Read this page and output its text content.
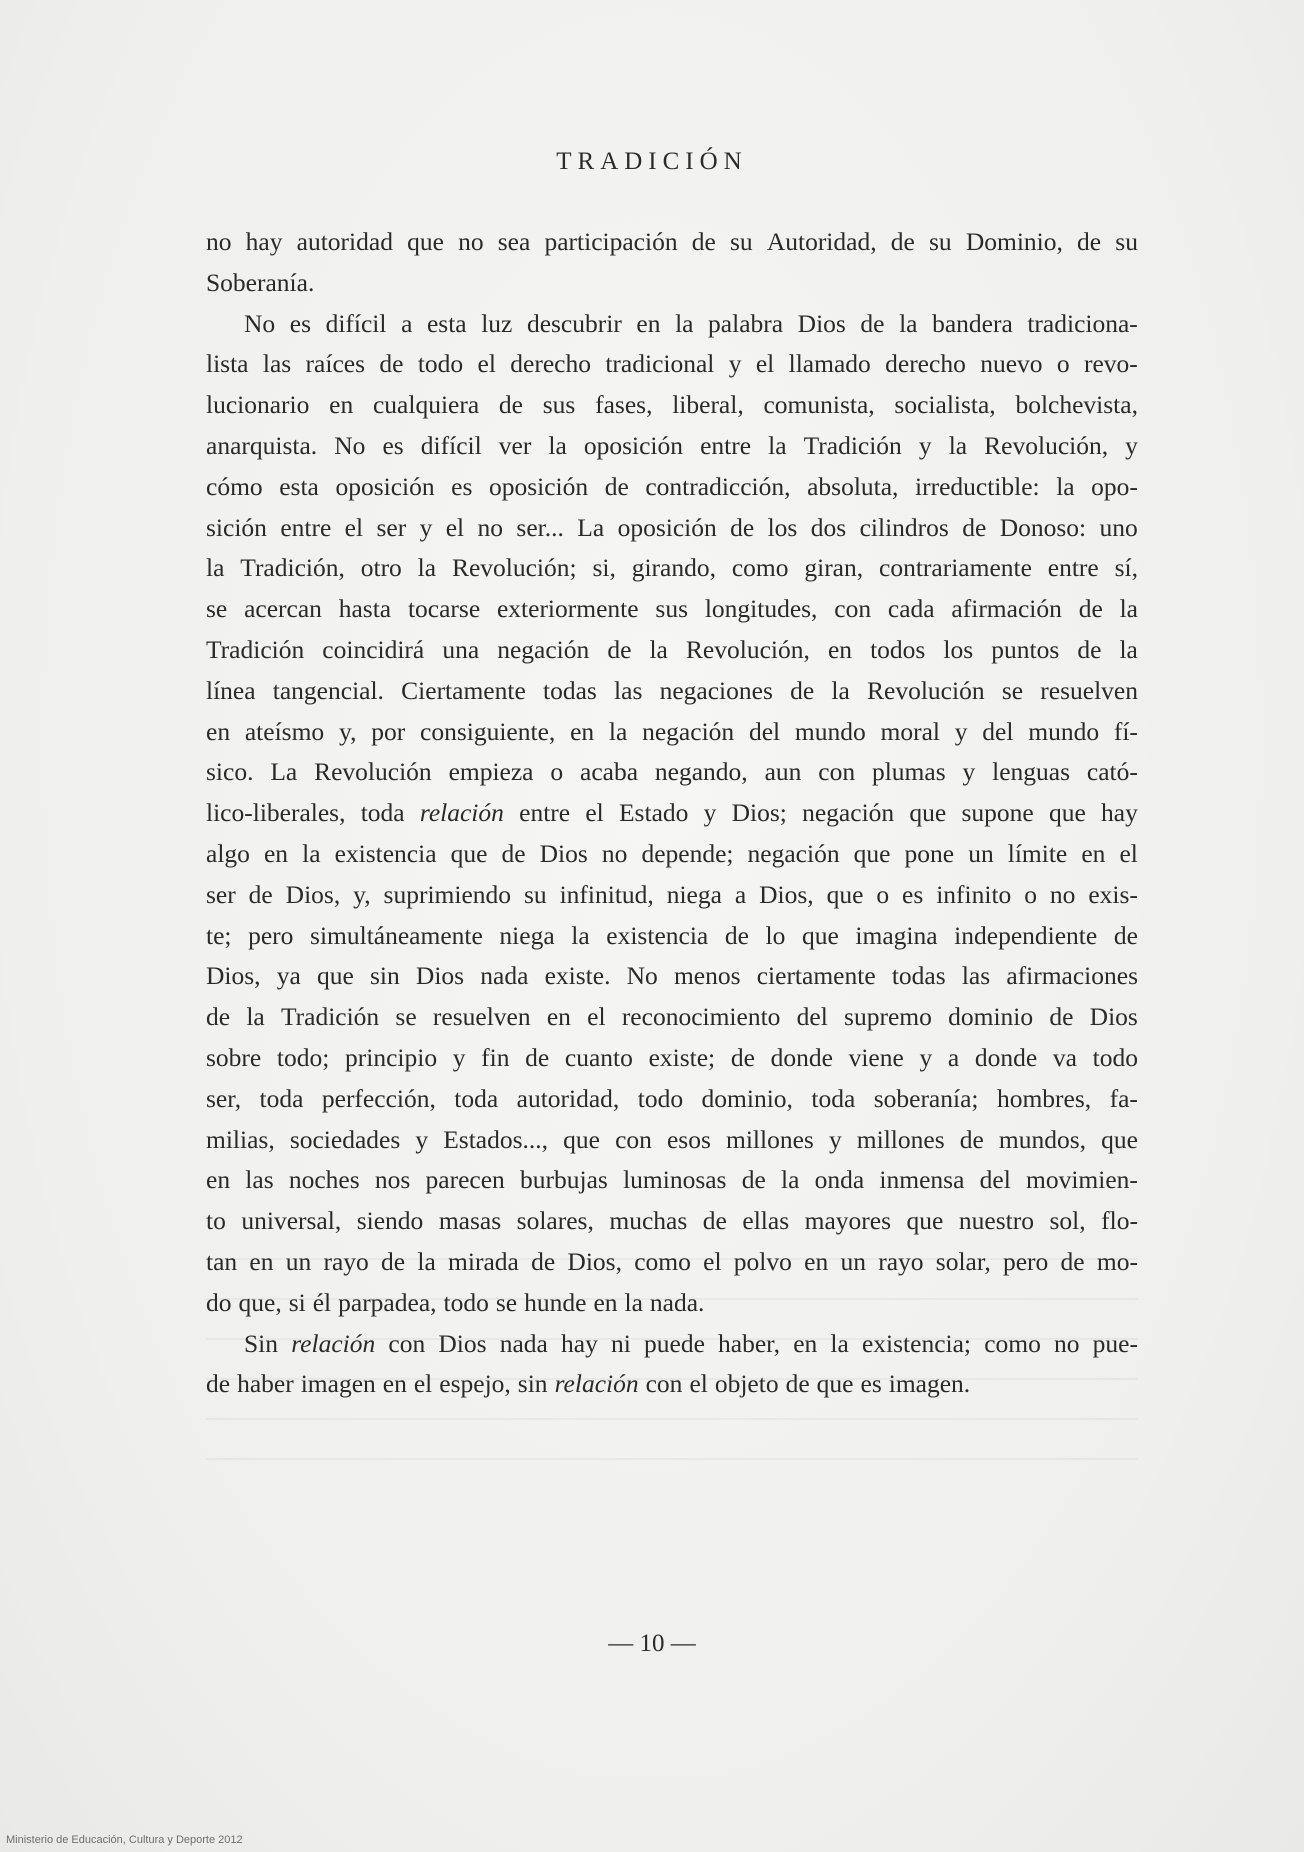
TRADICIÓN
no hay autoridad que no sea participación de su Autoridad, de su Dominio, de su
Soberanía.
No es difícil a esta luz descubrir en la palabra Dios de la bandera tradiciona-
lista las raíces de todo el derecho tradicional y el llamado derecho nuevo o revo-
lucionario en cualquiera de sus fases, liberal, comunista, socialista, bolchevista,
anarquista. No es difícil ver la oposición entre la Tradición y la Revolución, y
cómo esta oposición es oposición de contradicción, absoluta, irreductible: la opo-
sición entre el ser y el no ser... La oposición de los dos cilindros de Donoso: uno
la Tradición, otro la Revolución; si, girando, como giran, contrariamente entre sí,
se acercan hasta tocarse exteriormente sus longitudes, con cada afirmación de la
Tradición coincidirá una negación de la Revolución, en todos los puntos de la
línea tangencial. Ciertamente todas las negaciones de la Revolución se resuelven
en ateísmo y, por consiguiente, en la negación del mundo moral y del mundo fí-
sico. La Revolución empieza o acaba negando, aun con plumas y lenguas cató-
lico-liberales, toda relación entre el Estado y Dios; negación que supone que hay
algo en la existencia que de Dios no depende; negación que pone un límite en el
ser de Dios, y, suprimiendo su infinitud, niega a Dios, que o es infinito o no exis-
te; pero simultáneamente niega la existencia de lo que imagina independiente de
Dios, ya que sin Dios nada existe. No menos ciertamente todas las afirmaciones
de la Tradición se resuelven en el reconocimiento del supremo dominio de Dios
sobre todo; principio y fin de cuanto existe; de donde viene y a donde va todo
ser, toda perfección, toda autoridad, todo dominio, toda soberanía; hombres, fa-
milias, sociedades y Estados..., que con esos millones y millones de mundos, que
en las noches nos parecen burbujas luminosas de la onda inmensa del movimien-
to universal, siendo masas solares, muchas de ellas mayores que nuestro sol, flo-
tan en un rayo de la mirada de Dios, como el polvo en un rayo solar, pero de mo-
do que, si él parpadea, todo se hunde en la nada.
Sin relación con Dios nada hay ni puede haber, en la existencia; como no pue-
de haber imagen en el espejo, sin relación con el objeto de que es imagen.
— 10 —
Ministerio de Educación, Cultura y Deporte 2012
